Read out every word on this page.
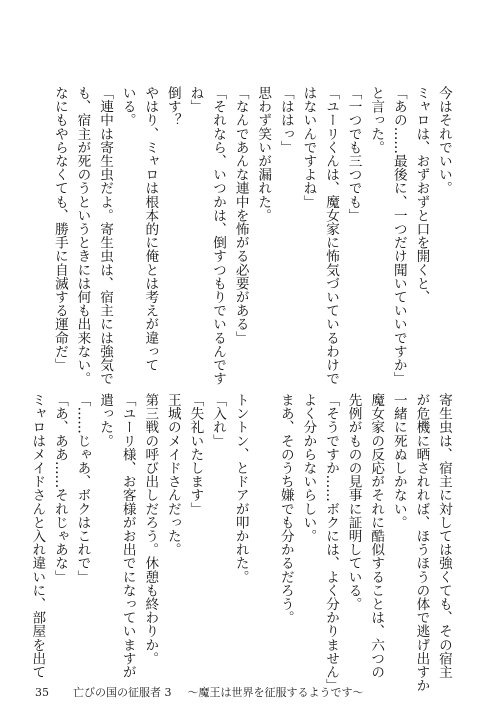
今はそれでいい。
ミャロは、おずおずと口を開くと、
「あの……最後に、一つだけ聞いていいですか」
と言った。
「一つでも三つでも」
「ユーリくんは、魔女家に怖気づいているわけで
はないんですよね」
「ははっ」
思わず笑いが漏れた。
「なんであんな連中を怖がる必要がある」
「それなら、いつかは、倒すつもりでいるんです
ね」
倒す？
やはり、ミャロは根本的に俺とは考えが違って
いる。
「連中は寄生虫だよ。寄生虫は、宿主には強気で
も、宿主が死のうというときには何も出来ない。
なにもやらなくても、勝手に自滅する運命だ」
寄生虫は、宿主に対しては強くても、その宿主
が危機に晒されれば、ほうほうの体で逃げ出すか
一緒に死ぬしかない。
魔女家の反応がそれに酷似することは、六つの
先例がものの見事に証明している。
「そうですか……ボクには、よく分かりません」
よく分からないらしい。
まあ、そのうち嫌でも分かるだろう。

トントン、とドアが叩かれた。
「入れ」
「失礼いたします」
王城のメイドさんだった。
第三戦の呼び出しだろう。休憩も終わりか。
「ユーリ様、お客様がお出でになっていますが
遣った。
「……じゃあ、ボクはこれで」
「あ、ああ……それじゃあな」
ミャロはメイドさんと入れ違いに、部屋を出て
35	亡びの国の征服者 3 ～魔王は世界を征服するようです～
